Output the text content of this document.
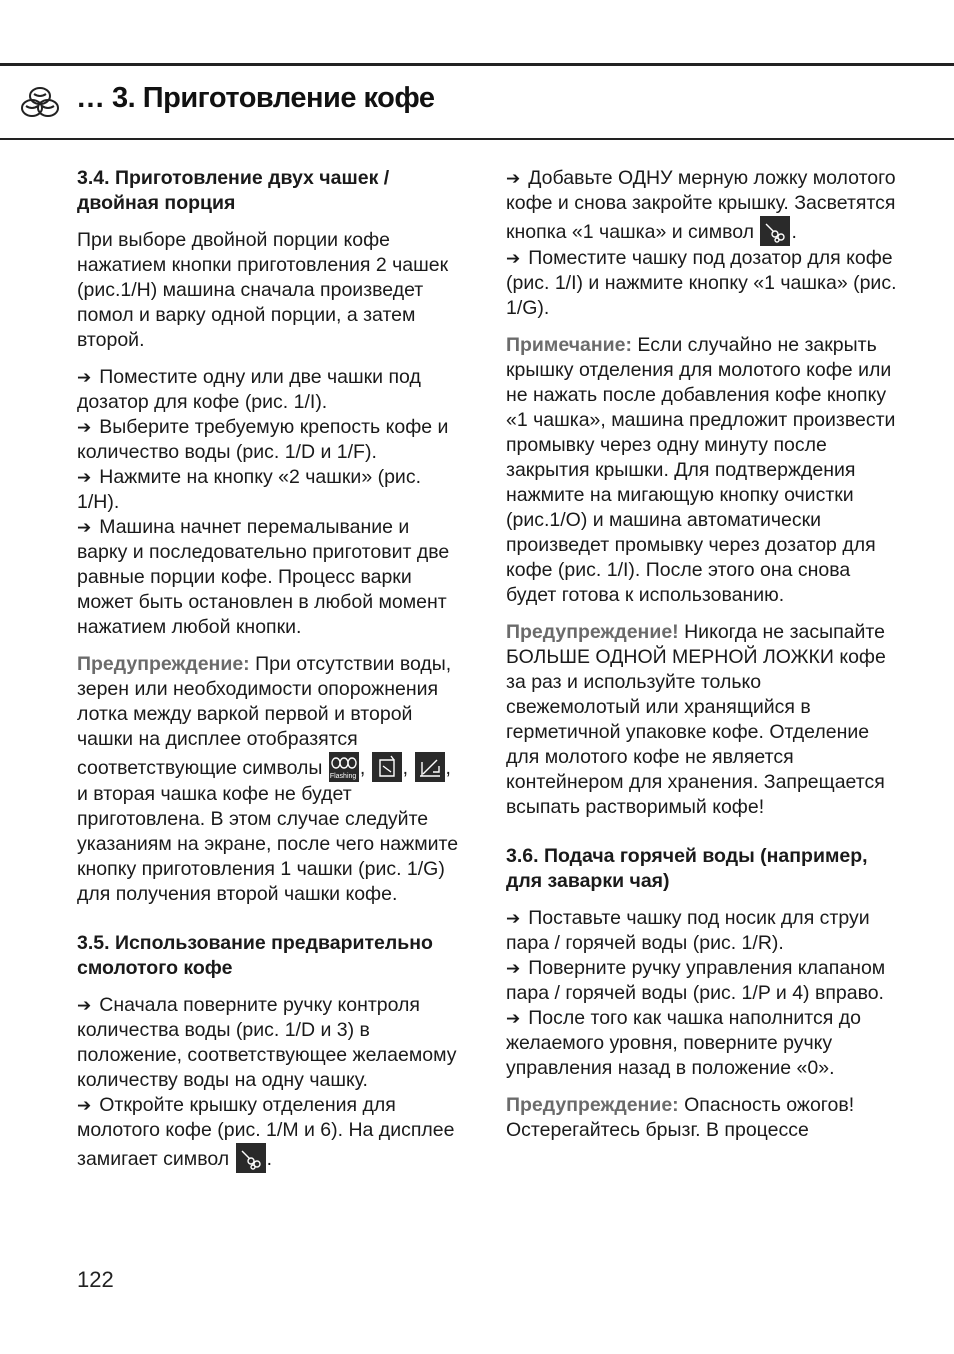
… 3. Приготовление кофе
3.4. Приготовление двух чашек / двойная порция
При выборе двойной порции кофе нажатием кнопки приготовления 2 чашек (рис.1/H) машина сначала произведет помол и варку одной порции, а затем второй.
➔ Поместите одну или две чашки под дозатор для кофе (рис. 1/I).
➔ Выберите требуемую крепость кофе и количество воды (рис. 1/D и 1/F).
➔ Нажмите на кнопку «2 чашки» (рис. 1/H).
➔ Машина начнет перемалывание и варку и последовательно приготовит две равные порции кофе. Процесс варки может быть остановлен в любой момент нажатием любой кнопки.
Предупреждение: При отсутствии воды, зерен или необходимости опорожнения лотка между варкой первой и второй чашки на дисплее отобразятся соответствующие символы Flashing , , , и вторая чашка кофе не будет приготовлена. В этом случае следуйте указаниям на экране, после чего нажмите кнопку приготовления 1 чашки (рис. 1/G) для получения второй чашки кофе.
3.5. Использование предварительно смолотого кофе
➔ Сначала поверните ручку контроля количества воды (рис. 1/D и 3) в положение, соответствующее желаемому количеству воды на одну чашку.
➔ Откройте крышку отделения для молотого кофе (рис. 1/M и 6). На дисплее замигает символ .
➔ Добавьте ОДНУ мерную ложку молотого кофе и снова закройте крышку. Засветятся кнопка «1 чашка» и символ .
➔ Поместите чашку под дозатор для кофе (рис. 1/I) и нажмите кнопку «1 чашка» (рис. 1/G).
Примечание: Если случайно не закрыть крышку отделения для молотого кофе или не нажать после добавления кофе кнопку «1 чашка», машина предложит произвести промывку через одну минуту после закрытия крышки. Для подтверждения нажмите на мигающую кнопку очистки (рис.1/O) и машина автоматически произведет промывку через дозатор для кофе (рис. 1/I). После этого она снова будет готова к использованию.
Предупреждение! Никогда не засыпайте БОЛЬШЕ ОДНОЙ МЕРНОЙ ЛОЖКИ кофе за раз и используйте только свежемолотый или хранящийся в герметичной упаковке кофе. Отделение для молотого кофе не является контейнером для хранения. Запрещается всыпать растворимый кофе!
3.6. Подача горячей воды (например, для заварки чая)
➔ Поставьте чашку под носик для струи пара / горячей воды (рис. 1/R).
➔ Поверните ручку управления клапаном пара / горячей воды (рис. 1/P и 4) вправо.
➔ После того как чашка наполнится до желаемого уровня, поверните ручку управления назад в положение «0».
Предупреждение: Опасность ожогов! Остерегайтесь брызг. В процессе
122
